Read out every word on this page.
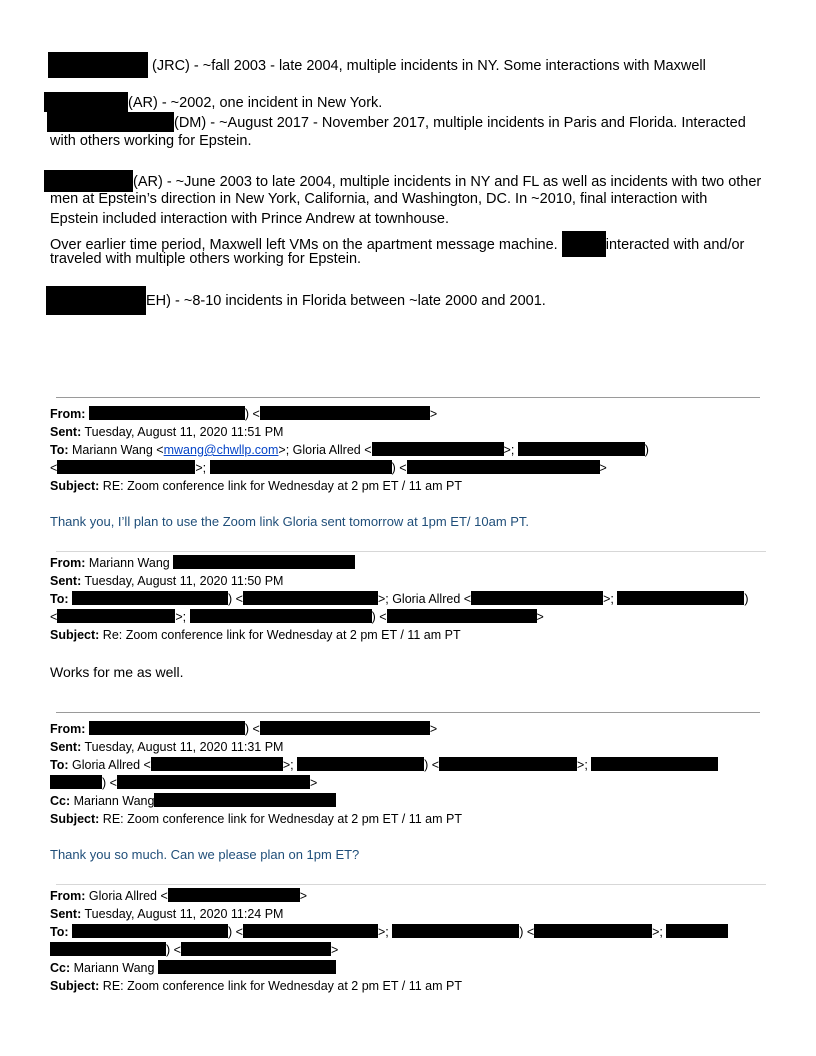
(JRC) - ~fall 2003 - late 2004, multiple incidents in NY. Some interactions with Maxwell
(AR) - ~2002, one incident in New York.
(DM) - ~August 2017 - November 2017, multiple incidents in Paris and Florida. Interacted
with others working for Epstein.
(AR) - ~June 2003 to late 2004, multiple incidents in NY and FL as well as incidents with two other
men at Epstein’s direction in New York, California, and Washington, DC. In ~2010, final interaction with
Epstein included interaction with Prince Andrew at townhouse.
Over earlier time period, Maxwell left VMs on the apartment message machine.	interacted with and/or
traveled with multiple others working for Epstein.
EH) - ~8-10 incidents in Florida between ~late 2000 and 2001.
From:	) <	>
Sent: Tuesday, August 11, 2020 11:51 PM
To: Mariann Wang <mwang@chwllp.com>; Gloria Allred <	>;	)
<	>;	) <	>
Subject: RE: Zoom conference link for Wednesday at 2 pm ET / 11 am PT
Thank you, I’ll plan to use the Zoom link Gloria sent tomorrow at 1pm ET/ 10am PT.
From: Mariann Wang
Sent: Tuesday, August 11, 2020 11:50 PM
To:	) <	>; Gloria Allred <	>;	)
<	>;	) <	>
Subject: Re: Zoom conference link for Wednesday at 2 pm ET / 11 am PT
Works for me as well.
From:	) <	>
Sent: Tuesday, August 11, 2020 11:31 PM
To: Gloria Allred <	>;	) <	>;
) <	>
Cc: Mariann Wang
Subject: RE: Zoom conference link for Wednesday at 2 pm ET / 11 am PT
Thank you so much. Can we please plan on 1pm ET?
From: Gloria Allred <	>
Sent: Tuesday, August 11, 2020 11:24 PM
To:	) <	>;	) <	>;
) <	>
Cc: Mariann Wang
Subject: RE: Zoom conference link for Wednesday at 2 pm ET / 11 am PT
